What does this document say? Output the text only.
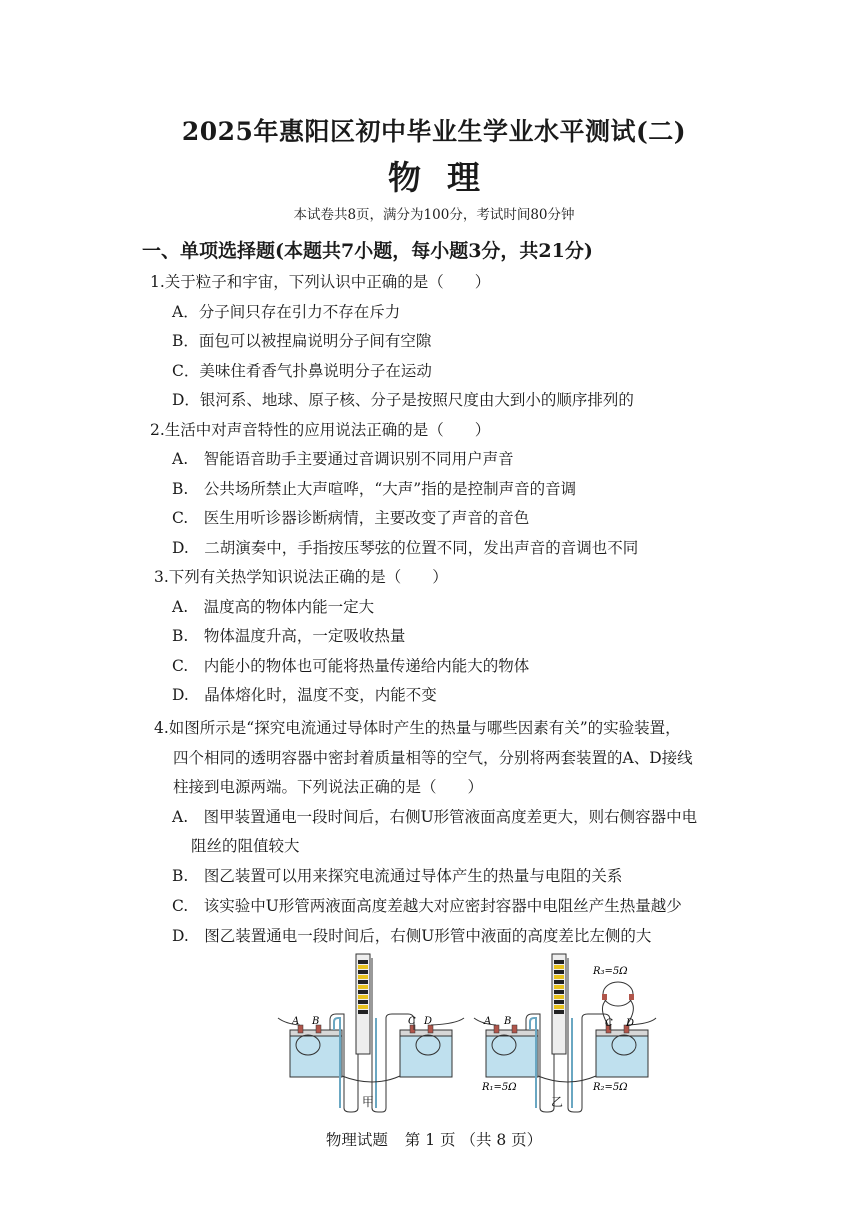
2025年惠阳区初中毕业生学业水平测试(二)
物理
本试卷共8页，满分为100分，考试时间80分钟
一、单项选择题(本题共7小题，每小题3分，共21分)
1.关于粒子和宇宙，下列认识中正确的是（　　）
A．分子间只存在引力不存在斥力
B．面包可以被捏扁说明分子间有空隙
C．美味住肴香气扑鼻说明分子在运动
D．银河系、地球、原子核、分子是按照尺度由大到小的顺序排列的
2.生活中对声音特性的应用说法正确的是（　　）
A.　智能语音助手主要通过音调识别不同用户声音
B.　公共场所禁止大声喧哗，“大声”指的是控制声音的音调
C.　医生用听诊器诊断病情，主要改变了声音的音色
D.　二胡演奏中，手指按压琴弦的位置不同，发出声音的音调也不同
3.下列有关热学知识说法正确的是（　　）
A.　温度高的物体内能一定大
B.　物体温度升高，一定吸收热量
C.　内能小的物体也可能将热量传递给内能大的物体
D.　晶体熔化时，温度不变，内能不变
4.如图所示是“探究电流通过导体时产生的热量与哪些因素有关”的实验装置，
四个相同的透明容器中密封着质量相等的空气，分别将两套装置的A、D接线
柱接到电源两端。下列说法正确的是（　　）
A.　图甲装置通电一段时间后，右侧U形管液面高度差更大，则右侧容器中电
阻丝的阻值较大
B.　图乙装置可以用来探究电流通过导体产生的热量与电阻的关系
C.　该实验中U形管两液面高度差越大对应密封容器中电阻丝产生热量越少
D.　图乙装置通电一段时间后，右侧U形管中液面的高度差比左侧的大
A B	C D	A B	C D
R₁=5Ω	R₂=5Ω
R₃=5Ω
甲	乙
物理试题 第 1 页 （共 8 页）
